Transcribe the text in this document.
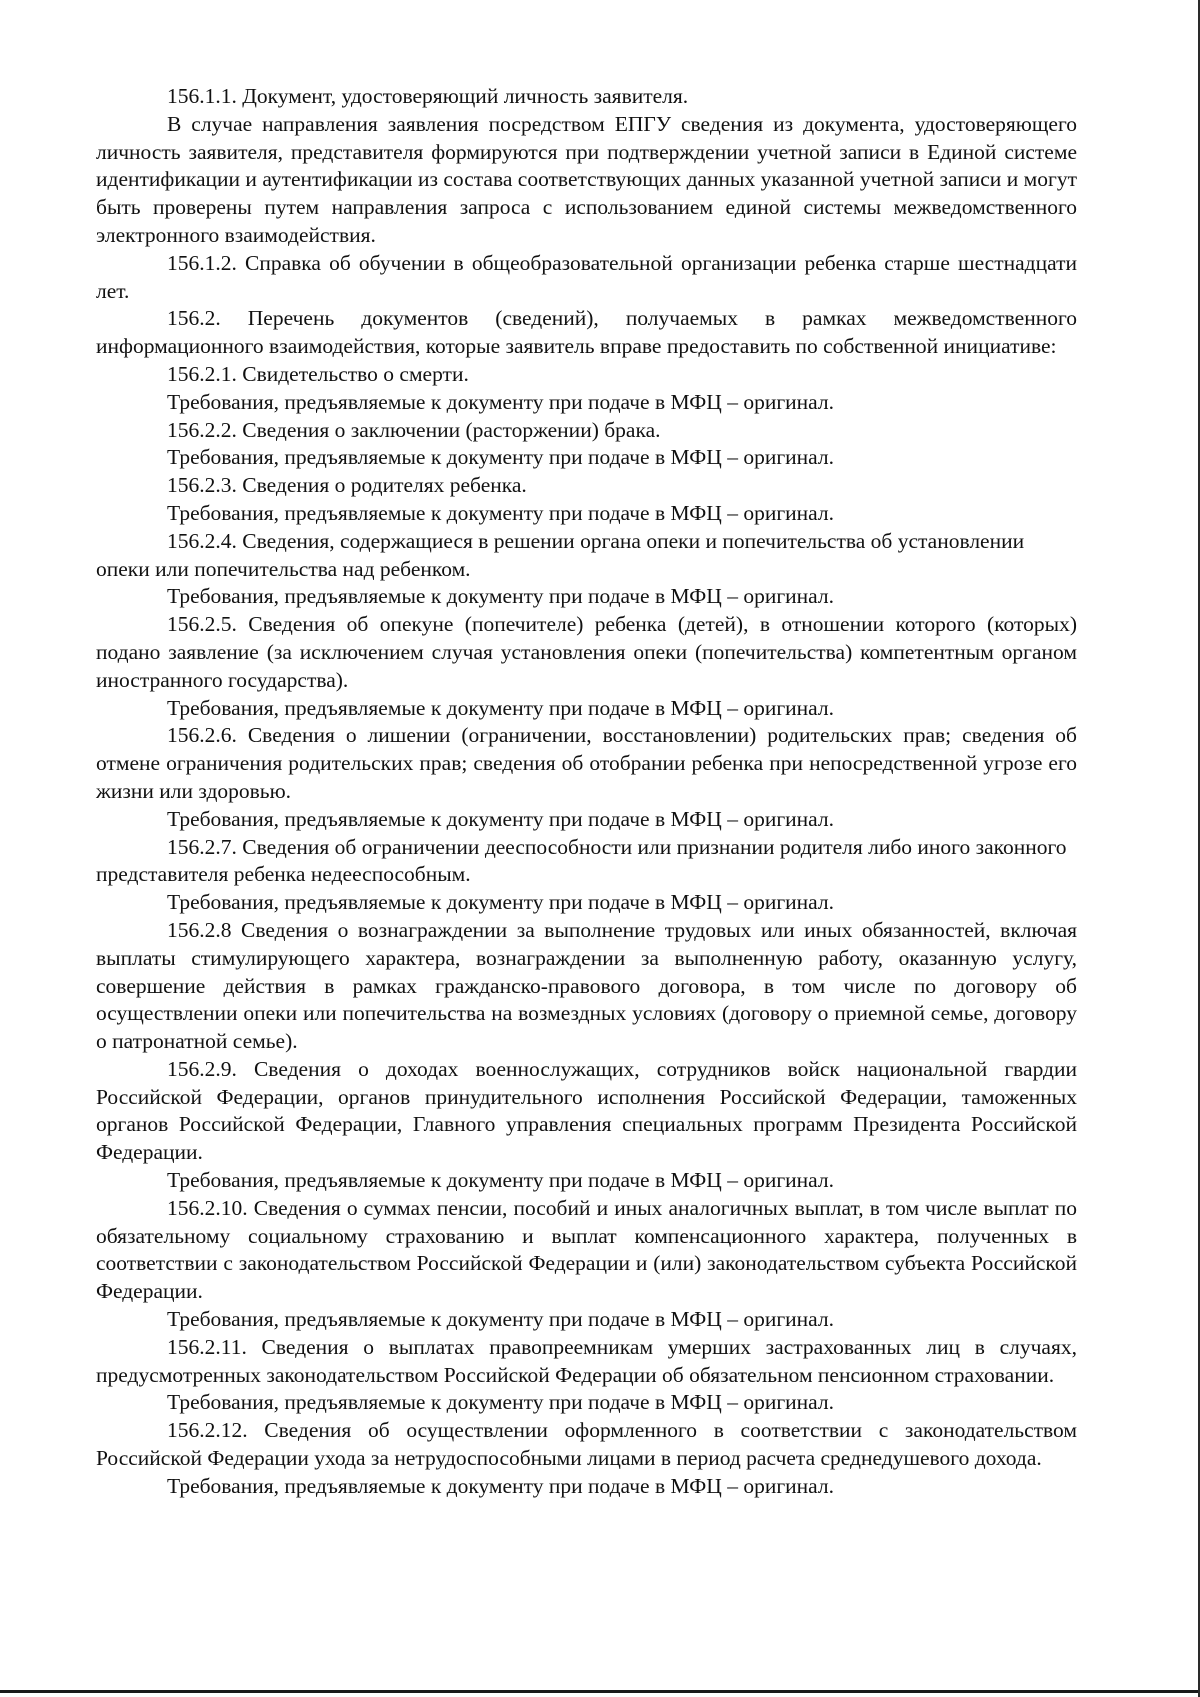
156.1.1. Документ, удостоверяющий личность заявителя.

В случае направления заявления посредством ЕПГУ сведения из документа, удостоверяющего личность заявителя, представителя формируются при подтверждении учетной записи в Единой системе идентификации и аутентификации из состава соответствующих данных указанной учетной записи и могут быть проверены путем направления запроса с использованием единой системы межведомственного электронного взаимодействия.

156.1.2. Справка об обучении в общеобразовательной организации ребенка старше шестнадцати лет.

156.2. Перечень документов (сведений), получаемых в рамках межведомственного информационного взаимодействия, которые заявитель вправе предоставить по собственной инициативе:

156.2.1. Свидетельство о смерти.

Требования, предъявляемые к документу при подаче в МФЦ – оригинал.

156.2.2. Сведения о заключении (расторжении) брака.

Требования, предъявляемые к документу при подаче в МФЦ – оригинал.

156.2.3. Сведения о родителях ребенка.

Требования, предъявляемые к документу при подаче в МФЦ – оригинал.

156.2.4. Сведения, содержащиеся в решении органа опеки и попечительства об установлении опеки или попечительства над ребенком.

Требования, предъявляемые к документу при подаче в МФЦ – оригинал.

156.2.5. Сведения об опекуне (попечителе) ребенка (детей), в отношении которого (которых) подано заявление (за исключением случая установления опеки (попечительства) компетентным органом иностранного государства).

Требования, предъявляемые к документу при подаче в МФЦ – оригинал.

156.2.6. Сведения о лишении (ограничении, восстановлении) родительских прав; сведения об отмене ограничения родительских прав; сведения об отобрании ребенка при непосредственной угрозе его жизни или здоровью.

Требования, предъявляемые к документу при подаче в МФЦ – оригинал.

156.2.7. Сведения об ограничении дееспособности или признании родителя либо иного законного представителя ребенка недееспособным.

Требования, предъявляемые к документу при подаче в МФЦ – оригинал.

156.2.8 Сведения о вознаграждении за выполнение трудовых или иных обязанностей, включая выплаты стимулирующего характера, вознаграждении за выполненную работу, оказанную услугу, совершение действия в рамках гражданско-правового договора, в том числе по договору об осуществлении опеки или попечительства на возмездных условиях (договору о приемной семье, договору о патронатной семье).

156.2.9. Сведения о доходах военнослужащих, сотрудников войск национальной гвардии Российской Федерации, органов принудительного исполнения Российской Федерации, таможенных органов Российской Федерации, Главного управления специальных программ Президента Российской Федерации.

Требования, предъявляемые к документу при подаче в МФЦ – оригинал.

156.2.10. Сведения о суммах пенсии, пособий и иных аналогичных выплат, в том числе выплат по обязательному социальному страхованию и выплат компенсационного характера, полученных в соответствии с законодательством Российской Федерации и (или) законодательством субъекта Российской Федерации.

Требования, предъявляемые к документу при подаче в МФЦ – оригинал.

156.2.11. Сведения о выплатах правопреемникам умерших застрахованных лиц в случаях, предусмотренных законодательством Российской Федерации об обязательном пенсионном страховании.

Требования, предъявляемые к документу при подаче в МФЦ – оригинал.

156.2.12. Сведения об осуществлении оформленного в соответствии с законодательством Российской Федерации ухода за нетрудоспособными лицами в период расчета среднедушевого дохода.

Требования, предъявляемые к документу при подаче в МФЦ – оригинал.
